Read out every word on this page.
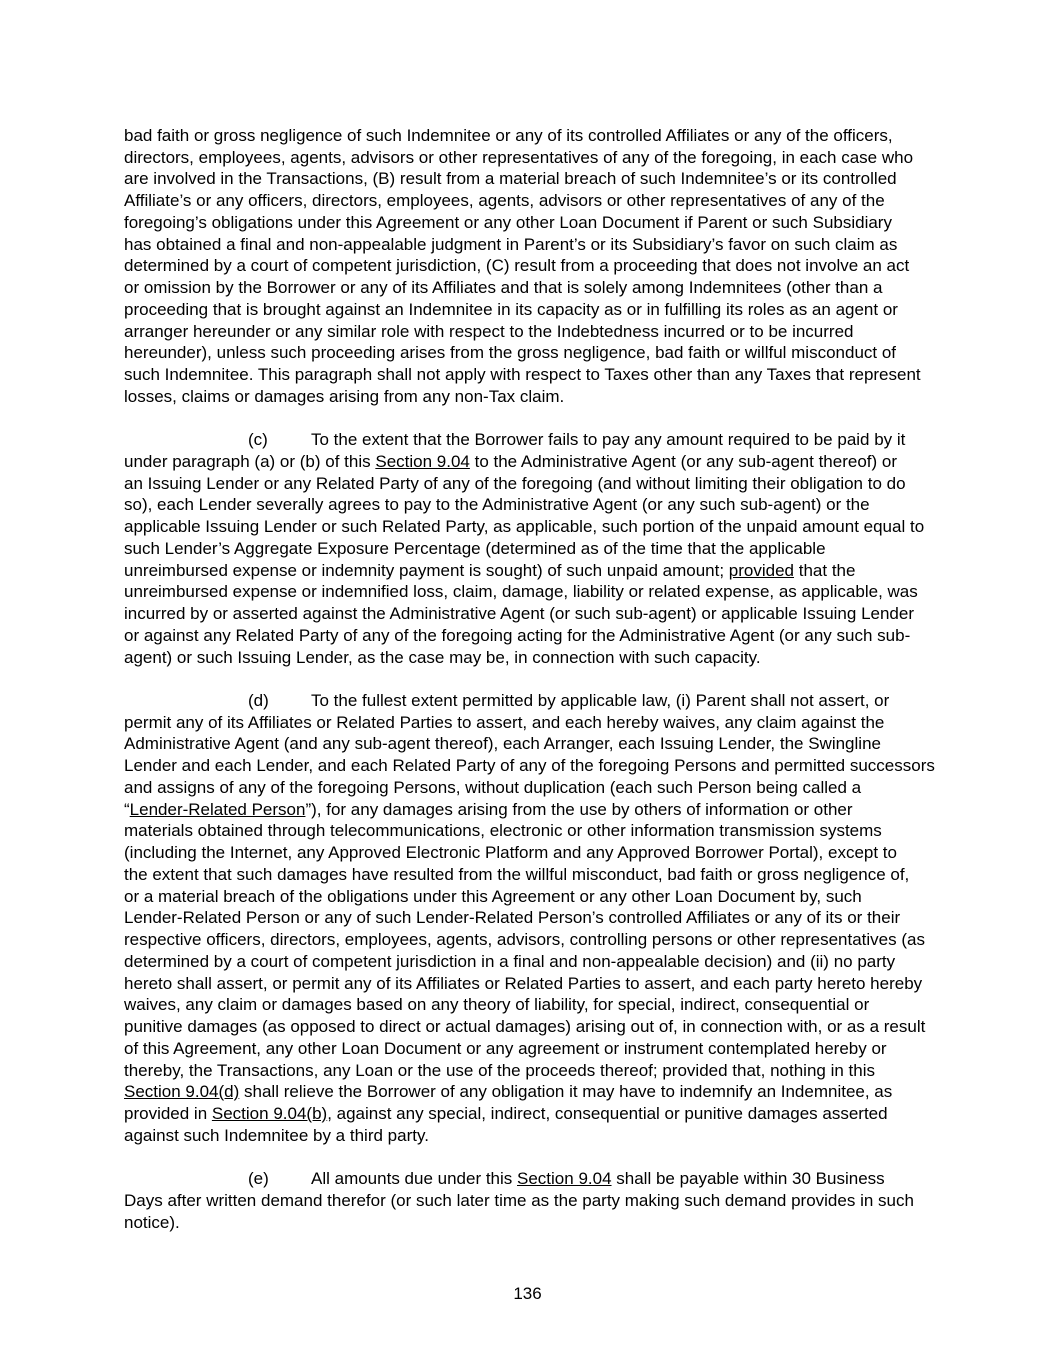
bad faith or gross negligence of such Indemnitee or any of its controlled Affiliates or any of the officers,
directors, employees, agents, advisors or other representatives of any of the foregoing, in each case who
are involved in the Transactions, (B) result from a material breach of such Indemnitee’s or its controlled
Affiliate’s or any officers, directors, employees, agents, advisors or other representatives of any of the
foregoing’s obligations under this Agreement or any other Loan Document if Parent or such Subsidiary
has obtained a final and non-appealable judgment in Parent’s or its Subsidiary’s favor on such claim as
determined by a court of competent jurisdiction, (C) result from a proceeding that does not involve an act
or omission by the Borrower or any of its Affiliates and that is solely among Indemnitees (other than a
proceeding that is brought against an Indemnitee in its capacity as or in fulfilling its roles as an agent or
arranger hereunder or any similar role with respect to the Indebtedness incurred or to be incurred
hereunder), unless such proceeding arises from the gross negligence, bad faith or willful misconduct of
such Indemnitee. This paragraph shall not apply with respect to Taxes other than any Taxes that represent
losses, claims or damages arising from any non-Tax claim.
(c)	To the extent that the Borrower fails to pay any amount required to be paid by it
under paragraph (a) or (b) of this Section 9.04 to the Administrative Agent (or any sub-agent thereof) or
an Issuing Lender or any Related Party of any of the foregoing (and without limiting their obligation to do
so), each Lender severally agrees to pay to the Administrative Agent (or any such sub-agent) or the
applicable Issuing Lender or such Related Party, as applicable, such portion of the unpaid amount equal to
such Lender’s Aggregate Exposure Percentage (determined as of the time that the applicable
unreimbursed expense or indemnity payment is sought) of such unpaid amount; provided that the
unreimbursed expense or indemnified loss, claim, damage, liability or related expense, as applicable, was
incurred by or asserted against the Administrative Agent (or such sub-agent) or applicable Issuing Lender
or against any Related Party of any of the foregoing acting for the Administrative Agent (or any such sub-
agent) or such Issuing Lender, as the case may be, in connection with such capacity.
(d) To the fullest extent permitted by applicable law, (i) Parent shall not assert, or
permit any of its Affiliates or Related Parties to assert, and each hereby waives, any claim against the
Administrative Agent (and any sub-agent thereof), each Arranger, each Issuing Lender, the Swingline
Lender and each Lender, and each Related Party of any of the foregoing Persons and permitted successors
and assigns of any of the foregoing Persons, without duplication (each such Person being called a
“Lender-Related Person”), for any damages arising from the use by others of information or other
materials obtained through telecommunications, electronic or other information transmission systems
(including the Internet, any Approved Electronic Platform and any Approved Borrower Portal), except to
the extent that such damages have resulted from the willful misconduct, bad faith or gross negligence of,
or a material breach of the obligations under this Agreement or any other Loan Document by, such
Lender-Related Person or any of such Lender-Related Person’s controlled Affiliates or any of its or their
respective officers, directors, employees, agents, advisors, controlling persons or other representatives (as
determined by a court of competent jurisdiction in a final and non-appealable decision) and (ii) no party
hereto shall assert, or permit any of its Affiliates or Related Parties to assert, and each party hereto hereby
waives, any claim or damages based on any theory of liability, for special, indirect, consequential or
punitive damages (as opposed to direct or actual damages) arising out of, in connection with, or as a result
of this Agreement, any other Loan Document or any agreement or instrument contemplated hereby or
thereby, the Transactions, any Loan or the use of the proceeds thereof; provided that, nothing in this
Section 9.04(d) shall relieve the Borrower of any obligation it may have to indemnify an Indemnitee, as
provided in Section 9.04(b), against any special, indirect, consequential or punitive damages asserted
against such Indemnitee by a third party.
(e) All amounts due under this Section 9.04 shall be payable within 30 Business
Days after written demand therefor (or such later time as the party making such demand provides in such
notice).
136
